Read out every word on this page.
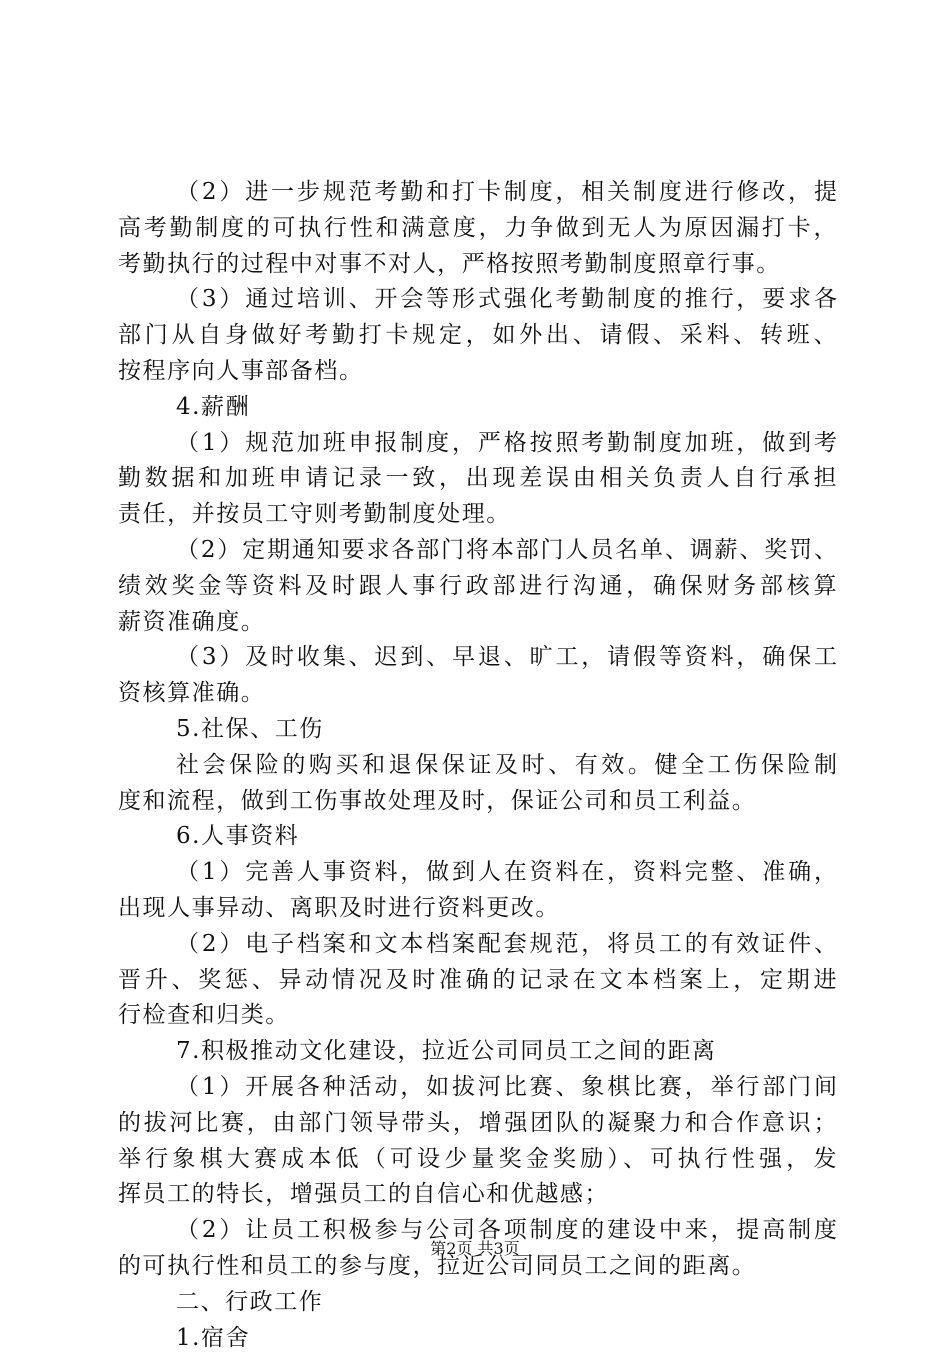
（2）进一步规范考勤和打卡制度，相关制度进行修改，提
高考勤制度的可执行性和满意度，力争做到无人为原因漏打卡，
考勤执行的过程中对事不对人，严格按照考勤制度照章行事。
（3）通过培训、开会等形式强化考勤制度的推行，要求各
部门从自身做好考勤打卡规定，如外出、请假、采料、转班、
按程序向人事部备档。
4.薪酬
（1）规范加班申报制度，严格按照考勤制度加班，做到考
勤数据和加班申请记录一致，出现差误由相关负责人自行承担
责任，并按员工守则考勤制度处理。
（2）定期通知要求各部门将本部门人员名单、调薪、奖罚、
绩效奖金等资料及时跟人事行政部进行沟通，确保财务部核算
薪资准确度。
（3）及时收集、迟到、早退、旷工，请假等资料，确保工
资核算准确。
5.社保、工伤
社会保险的购买和退保保证及时、有效。健全工伤保险制
度和流程，做到工伤事故处理及时，保证公司和员工利益。
6.人事资料
（1）完善人事资料，做到人在资料在，资料完整、准确，
出现人事异动、离职及时进行资料更改。
（2）电子档案和文本档案配套规范，将员工的有效证件、
晋升、奖惩、异动情况及时准确的记录在文本档案上，定期进
行检查和归类。
7.积极推动文化建设，拉近公司同员工之间的距离
（1）开展各种活动，如拔河比赛、象棋比赛，举行部门间
的拔河比赛，由部门领导带头，增强团队的凝聚力和合作意识；
举行象棋大赛成本低（可设少量奖金奖励）、可执行性强，发
挥员工的特长，增强员工的自信心和优越感；
（2）让员工积极参与公司各项制度的建设中来，提高制度
的可执行性和员工的参与度，拉近公司同员工之间的距离。
二、行政工作
1.宿舍
第2页 共3页
